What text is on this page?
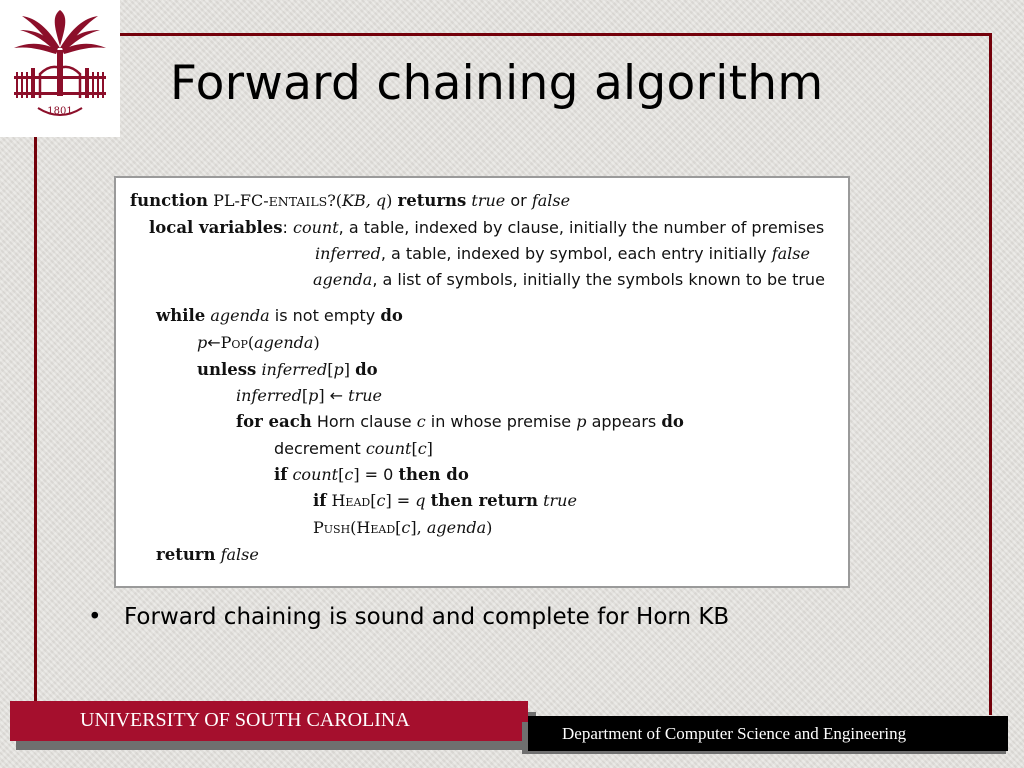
1801
Forward chaining algorithm
function PL-FC-ENTAILS?(KB, q) returns true or false
local variables: count, a table, indexed by clause, initially the number of premises
inferred, a table, indexed by symbol, each entry initially false
agenda, a list of symbols, initially the symbols known to be true
while agenda is not empty do
p←Pop(agenda)
unless inferred[p] do
inferred[p] ← true
for each Horn clause c in whose premise p appears do
decrement count[c]
if count[c] = 0 then do
if Head[c] = q then return true
Push(Head[c], agenda)
return false
• Forward chaining is sound and complete for Horn KB
UNIVERSITY OF SOUTH CAROLINA
Department of Computer Science and Engineering
